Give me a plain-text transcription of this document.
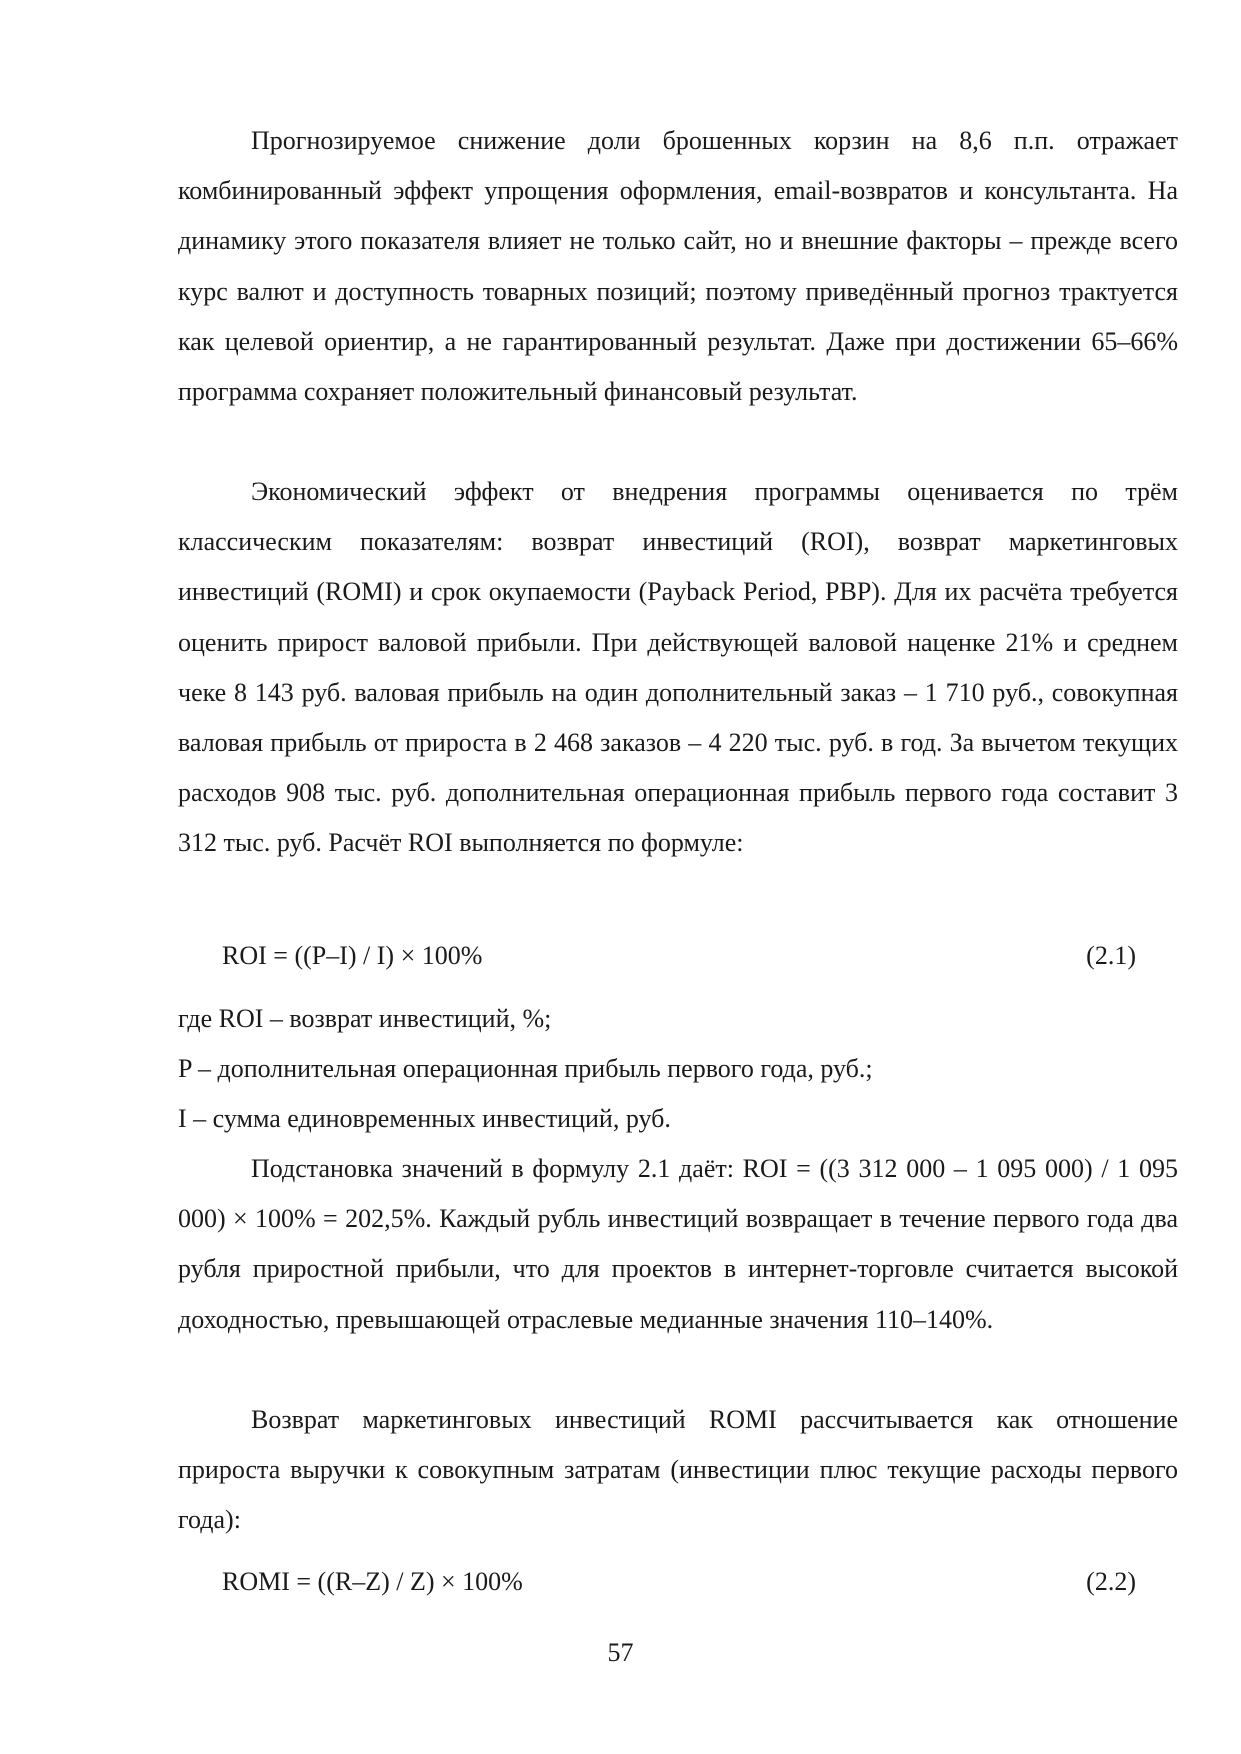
Прогнозируемое снижение доли брошенных корзин на 8,6 п.п. отражает комбинированный эффект упрощения оформления, email-возвратов и консультанта. На динамику этого показателя влияет не только сайт, но и внешние факторы – прежде всего курс валют и доступность товарных позиций; поэтому приведённый прогноз трактуется как целевой ориентир, а не гарантированный результат. Даже при достижении 65–66% программа сохраняет положительный финансовый результат.

Экономический эффект от внедрения программы оценивается по трём классическим показателям: возврат инвестиций (ROI), возврат маркетинговых инвестиций (ROMI) и срок окупаемости (Payback Period, PBP). Для их расчёта требуется оценить прирост валовой прибыли. При действующей валовой наценке 21% и среднем чеке 8 143 руб. валовая прибыль на один дополнительный заказ – 1 710 руб., совокупная валовая прибыль от прироста в 2 468 заказов – 4 220 тыс. руб. в год. За вычетом текущих расходов 908 тыс. руб. дополнительная операционная прибыль первого года составит 3 312 тыс. руб. Расчёт ROI выполняется по формуле:

ROI = ((P–I) / I) × 100%	(2.1)

где ROI – возврат инвестиций, %;

P – дополнительная операционная прибыль первого года, руб.;

I – сумма единовременных инвестиций, руб.

Подстановка значений в формулу 2.1 даёт: ROI = ((3 312 000 – 1 095 000) / 1 095 000) × 100% = 202,5%. Каждый рубль инвестиций возвращает в течение первого года два рубля приростной прибыли, что для проектов в интернет-торговле считается высокой доходностью, превышающей отраслевые медианные значения 110–140%.

Возврат маркетинговых инвестиций ROMI рассчитывается как отношение прироста выручки к совокупным затратам (инвестиции плюс текущие расходы первого года):

ROMI = ((R–Z) / Z) × 100%	(2.2)
57
